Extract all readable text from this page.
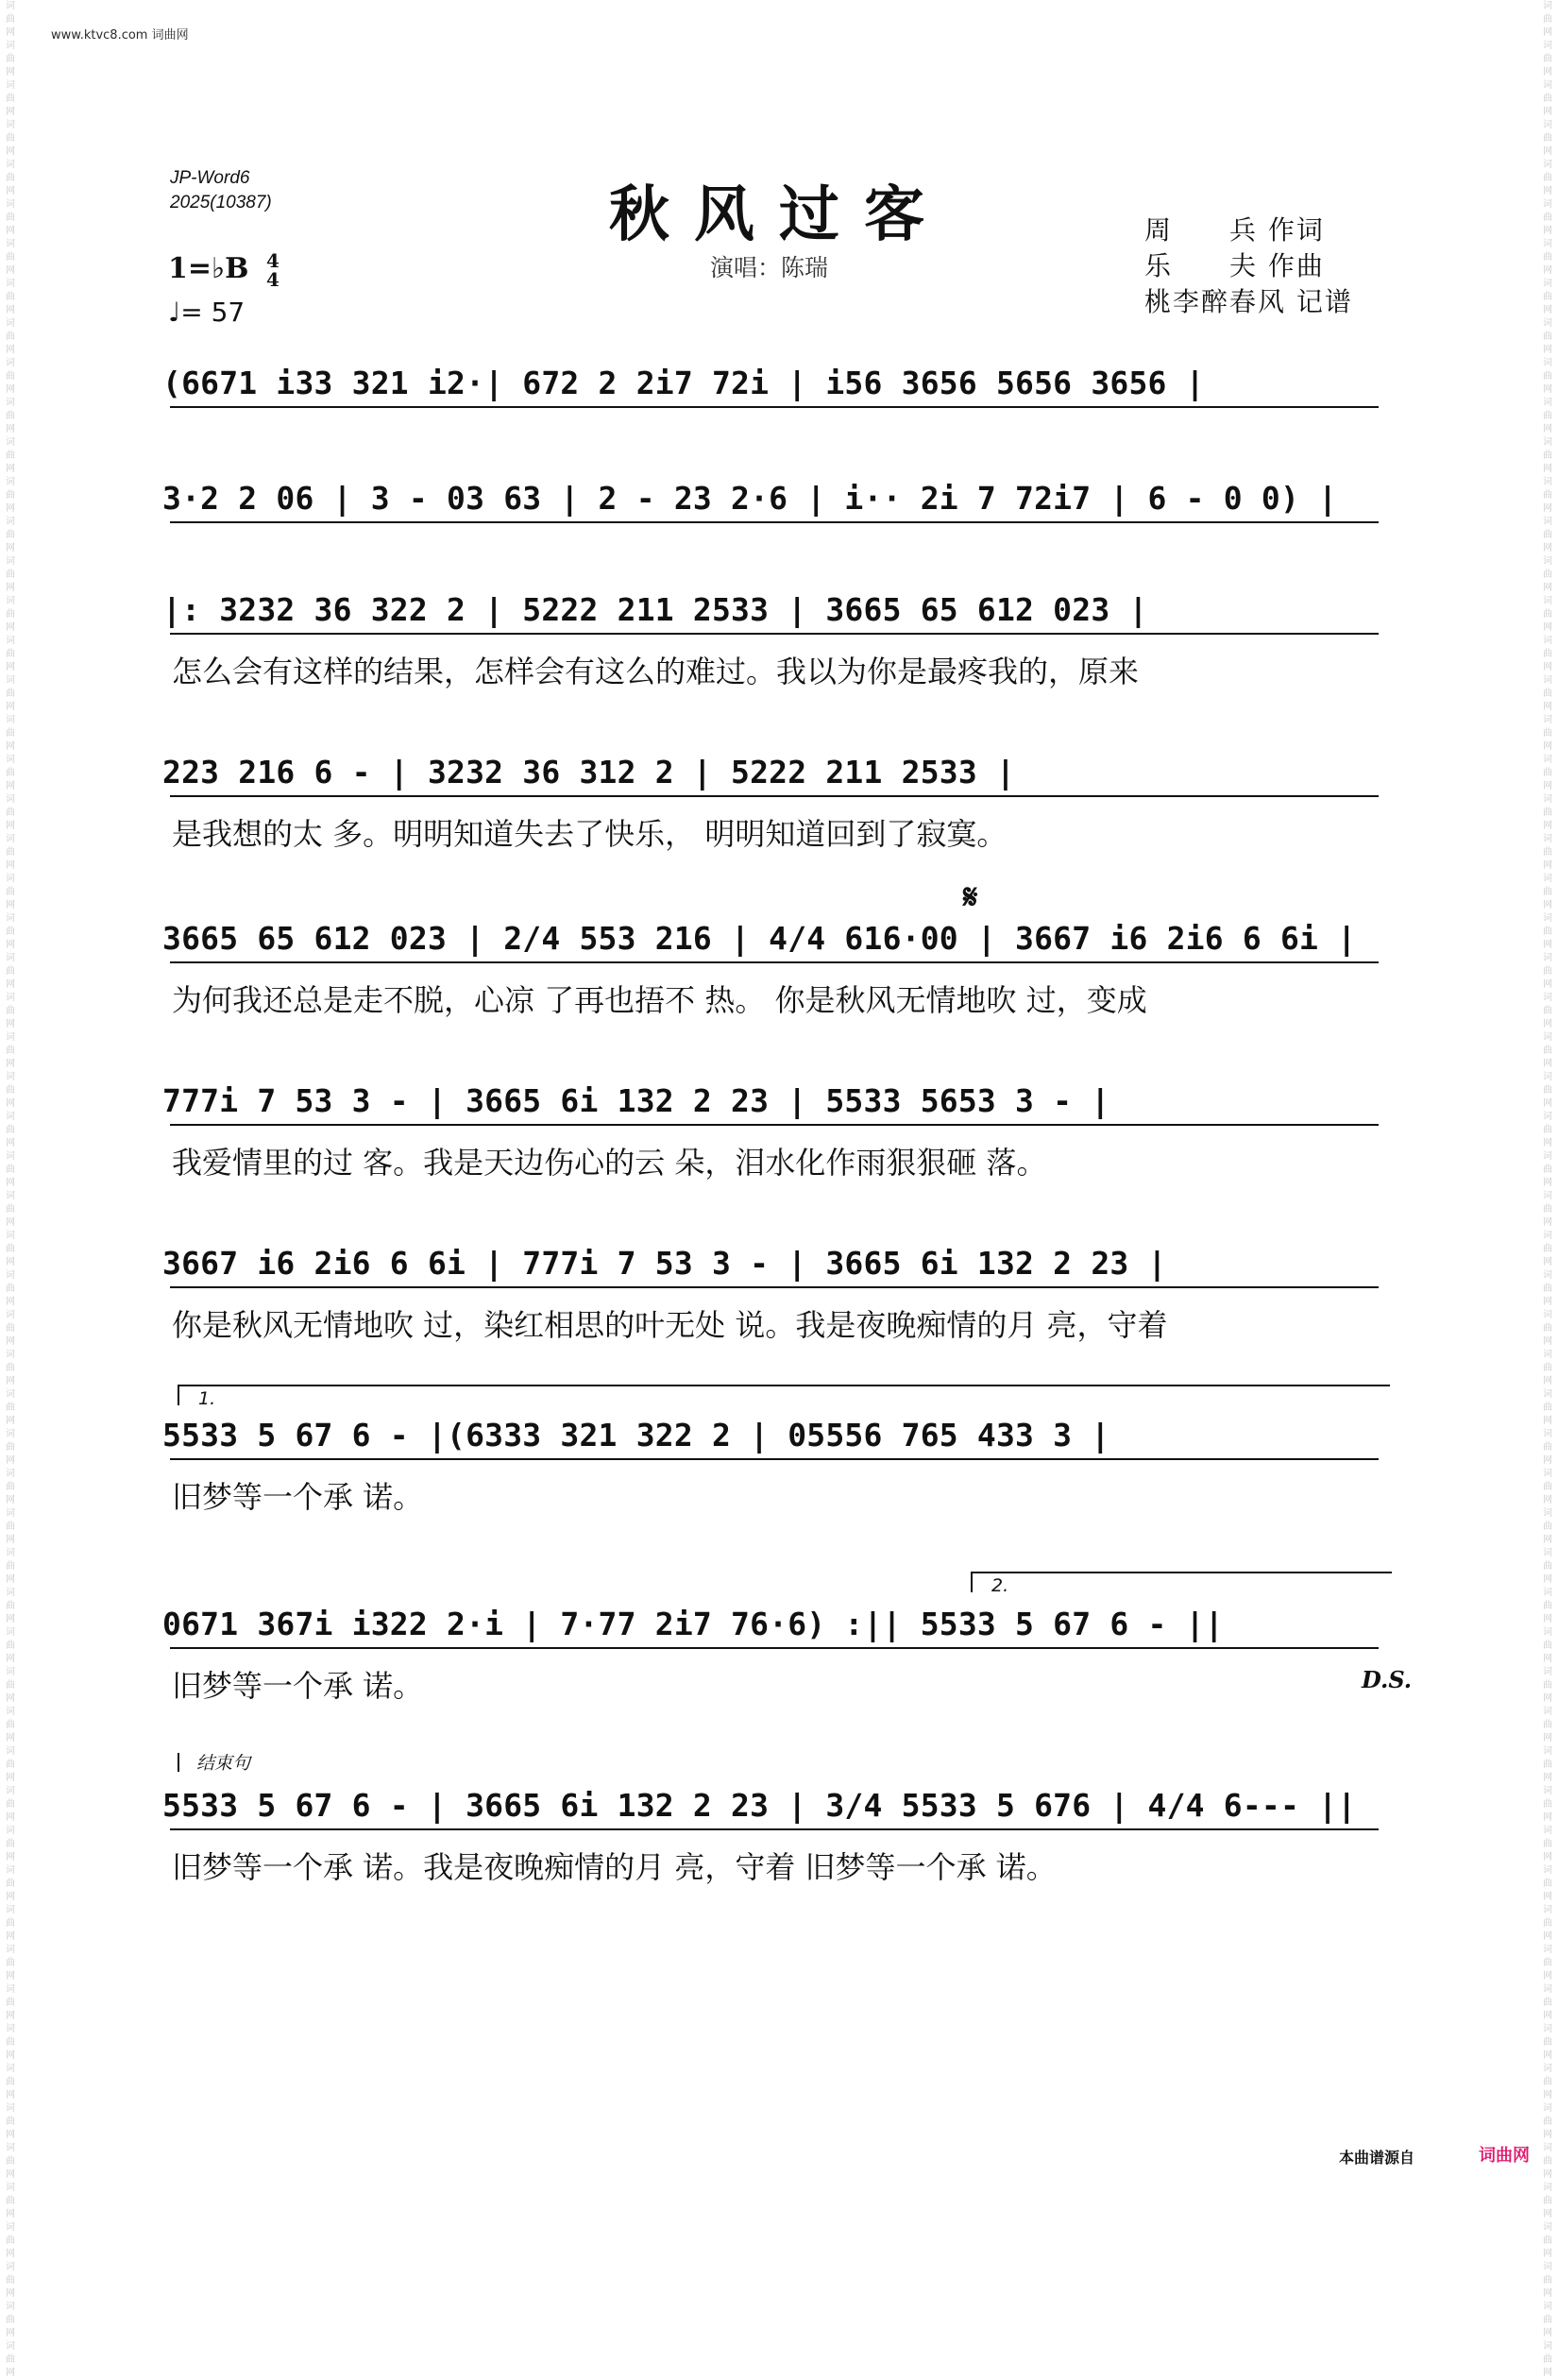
www.ktvc8.com 词曲网
词曲网 词曲网 词曲网 词曲网 词曲网 词曲网 词曲网 词曲网 词曲网 词曲网 词曲网 词曲网 词曲网 词曲网 词曲网 词曲网 词曲网 词曲网 词曲网 词曲网 词曲网 词曲网 词曲网 词曲网 词曲网 词曲网 词曲网 词曲网 词曲网 词曲网 词曲网 词曲网 词曲网 词曲网 词曲网 词曲网 词曲网 词曲网 词曲网 词曲网 词曲网 词曲网 词曲网 词曲网 词曲网 词曲网 词曲网 词曲网 词曲网 词曲网 词曲网 词曲网 词曲网 词曲网 词曲网 词曲网 词曲网 词曲网 词曲网 词曲网
词曲网 词曲网 词曲网 词曲网 词曲网 词曲网 词曲网 词曲网 词曲网 词曲网 词曲网 词曲网 词曲网 词曲网 词曲网 词曲网 词曲网 词曲网 词曲网 词曲网 词曲网 词曲网 词曲网 词曲网 词曲网 词曲网 词曲网 词曲网 词曲网 词曲网 词曲网 词曲网 词曲网 词曲网 词曲网 词曲网 词曲网 词曲网 词曲网 词曲网 词曲网 词曲网 词曲网 词曲网 词曲网 词曲网 词曲网 词曲网 词曲网 词曲网 词曲网 词曲网 词曲网 词曲网 词曲网 词曲网 词曲网 词曲网 词曲网 词曲网
JP-Word6
2025(10387)	秋风过客
演唱：陈瑞
周　　兵 作词
乐　　夫 作曲
桃李醉春风 记谱
1=♭B 4
4
♩= 57
𝄋
(6671 i33 321 i2·| 672 2 2i7 72i | i56 3656 5656 3656 |
3·2 2 06 | 3 - 03 63 | 2 - 23 2·6 | i·· 2i 7 72i7 | 6 - 0 0) |
|: 3232 36 322 2 | 5222 211 2533 | 3665 65 612 023 |
怎么会有这样的结果，怎样会有这么的难过。我以为你是最疼我的，原来
223 216 6 - | 3232 36 312 2 | 5222 211 2533 |
是我想的太 多。明明知道失去了快乐， 明明知道回到了寂寞。
3665 65 612 023 | 2/4 553 216 | 4/4 616·00 | 3667 i6 2i6 6 6i |
为何我还总是走不脱，心凉 了再也捂不 热。 你是秋风无情地吹 过，变成
777i 7 53 3 - | 3665 6i 132 2 23 | 5533 5653 3 - |
我爱情里的过 客。我是天边伤心的云 朵，泪水化作雨狠狠砸 落。
3667 i6 2i6 6 6i | 777i 7 53 3 - | 3665 6i 132 2 23 |
你是秋风无情地吹 过，染红相思的叶无处 说。我是夜晚痴情的月 亮，守着
5533 5 67 6 - |(6333 321 322 2 | 05556 765 433 3 |
旧梦等一个承 诺。
0671 367i i322 2·i | 7·77 2i7 76·6) :|| 5533 5 67 6 - ||
旧梦等一个承 诺。
5533 5 67 6 - | 3665 6i 132 2 23 | 3/4 5533 5 676 | 4/4 6--- ||
旧梦等一个承 诺。我是夜晚痴情的月 亮，守着 旧梦等一个承 诺。
1.
2.
结束句
D.S.
本曲谱源自	词曲网
